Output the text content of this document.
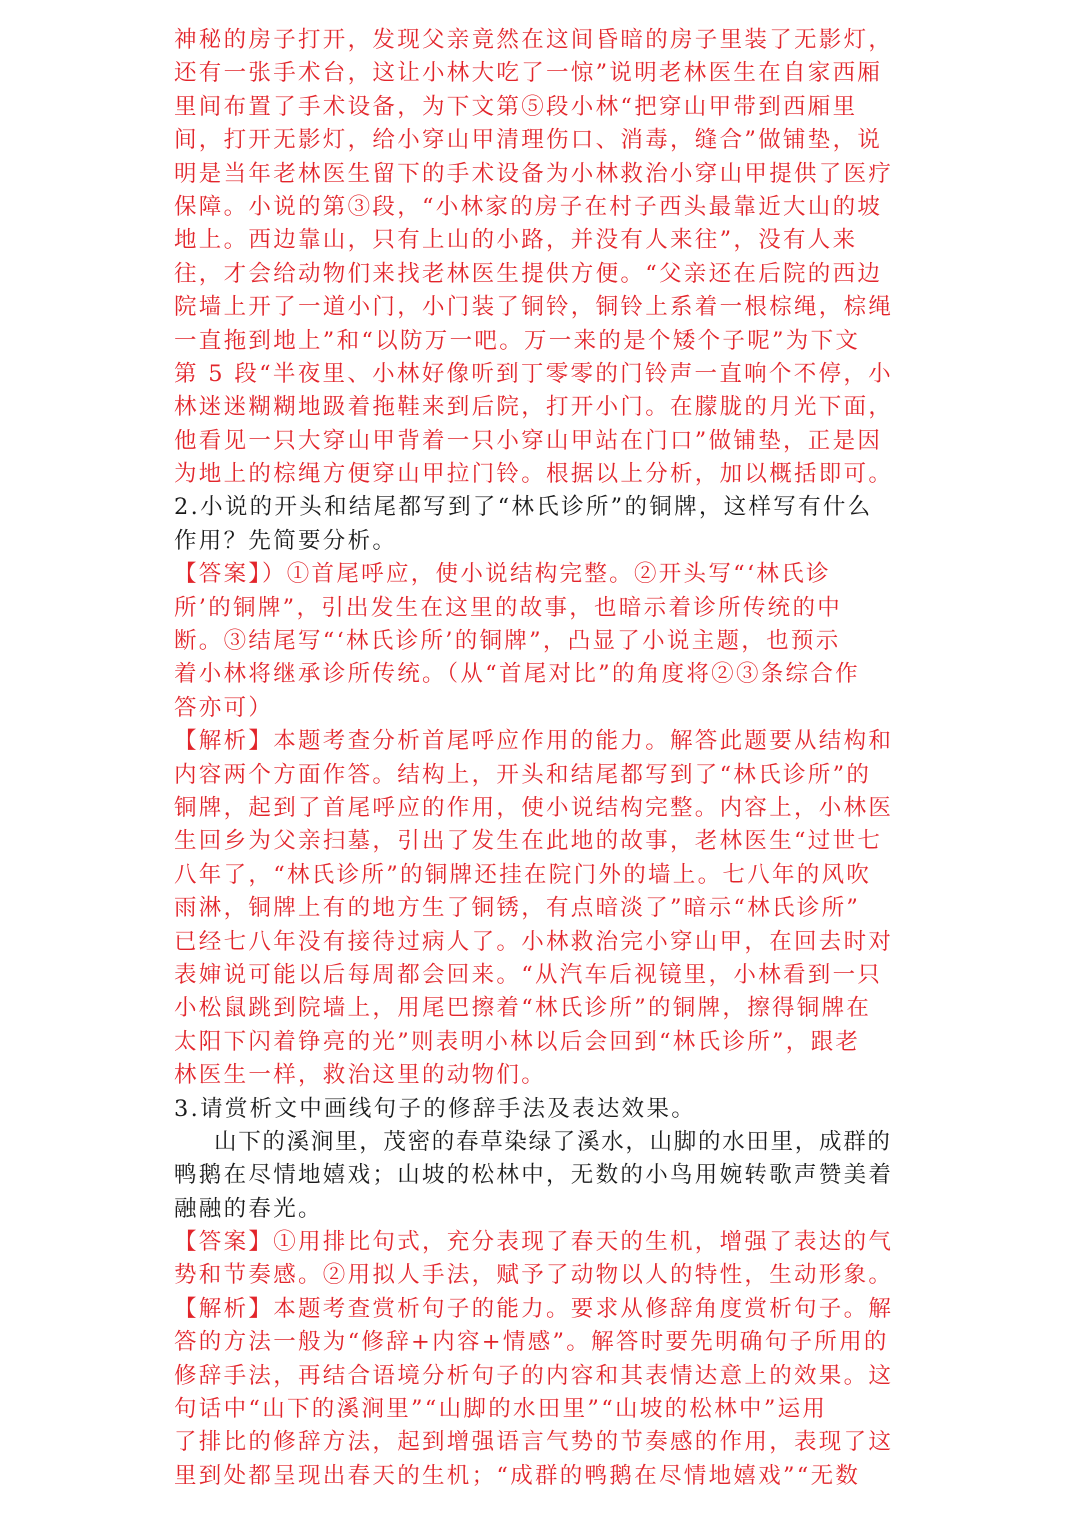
神秘的房子打开，发现父亲竟然在这间昏暗的房子里装了无影灯，
还有一张手术台，这让小林大吃了一惊”说明老林医生在自家西厢
里间布置了手术设备，为下文第⑤段小林“把穿山甲带到西厢里
间，打开无影灯，给小穿山甲清理伤口、消毒，缝合”做铺垫，说
明是当年老林医生留下的手术设备为小林救治小穿山甲提供了医疗
保障。小说的第③段，“小林家的房子在村子西头最靠近大山的坡
地上。西边靠山，只有上山的小路，并没有人来往”，没有人来
往，才会给动物们来找老林医生提供方便。“父亲还在后院的西边
院墙上开了一道小门，小门装了铜铃，铜铃上系着一根棕绳，棕绳
一直拖到地上”和“以防万一吧。万一来的是个矮个子呢”为下文
第 5 段“半夜里、小林好像听到丁零零的门铃声一直响个不停，小
林迷迷糊糊地趿着拖鞋来到后院，打开小门。在朦胧的月光下面，
他看见一只大穿山甲背着一只小穿山甲站在门口”做铺垫，正是因
为地上的棕绳方便穿山甲拉门铃。根据以上分析，加以概括即可。
2.小说的开头和结尾都写到了“林氏诊所”的铜牌，这样写有什么
作用？先简要分析。
【答案】）①首尾呼应，使小说结构完整。②开头写“‘林氏诊
所’的铜牌”，引出发生在这里的故事，也暗示着诊所传统的中
断。③结尾写“‘林氏诊所’的铜牌”，凸显了小说主题，也预示
着小林将继承诊所传统。（从“首尾对比”的角度将②③条综合作
答亦可）
【解析】本题考查分析首尾呼应作用的能力。解答此题要从结构和
内容两个方面作答。结构上，开头和结尾都写到了“林氏诊所”的
铜牌，起到了首尾呼应的作用，使小说结构完整。内容上，小林医
生回乡为父亲扫墓，引出了发生在此地的故事，老林医生“过世七
八年了，“林氏诊所”的铜牌还挂在院门外的墙上。七八年的风吹
雨淋，铜牌上有的地方生了铜锈，有点暗淡了”暗示“林氏诊所”
已经七八年没有接待过病人了。小林救治完小穿山甲，在回去时对
表婶说可能以后每周都会回来。“从汽车后视镜里，小林看到一只
小松鼠跳到院墙上，用尾巴擦着“林氏诊所”的铜牌，擦得铜牌在
太阳下闪着铮亮的光”则表明小林以后会回到“林氏诊所”，跟老
林医生一样，救治这里的动物们。
3.请赏析文中画线句子的修辞手法及表达效果。
山下的溪涧里，茂密的春草染绿了溪水，山脚的水田里，成群的
鸭鹅在尽情地嬉戏；山坡的松林中，无数的小鸟用婉转歌声赞美着
融融的春光。
【答案】①用排比句式，充分表现了春天的生机，增强了表达的气
势和节奏感。②用拟人手法，赋予了动物以人的特性，生动形象。
【解析】本题考查赏析句子的能力。要求从修辞角度赏析句子。解
答的方法一般为“修辞+内容+情感”。解答时要先明确句子所用的
修辞手法，再结合语境分析句子的内容和其表情达意上的效果。这
句话中“山下的溪涧里”“山脚的水田里”“山坡的松林中”运用
了排比的修辞方法，起到增强语言气势的节奏感的作用，表现了这
里到处都呈现出春天的生机；“成群的鸭鹅在尽情地嬉戏”“无数
